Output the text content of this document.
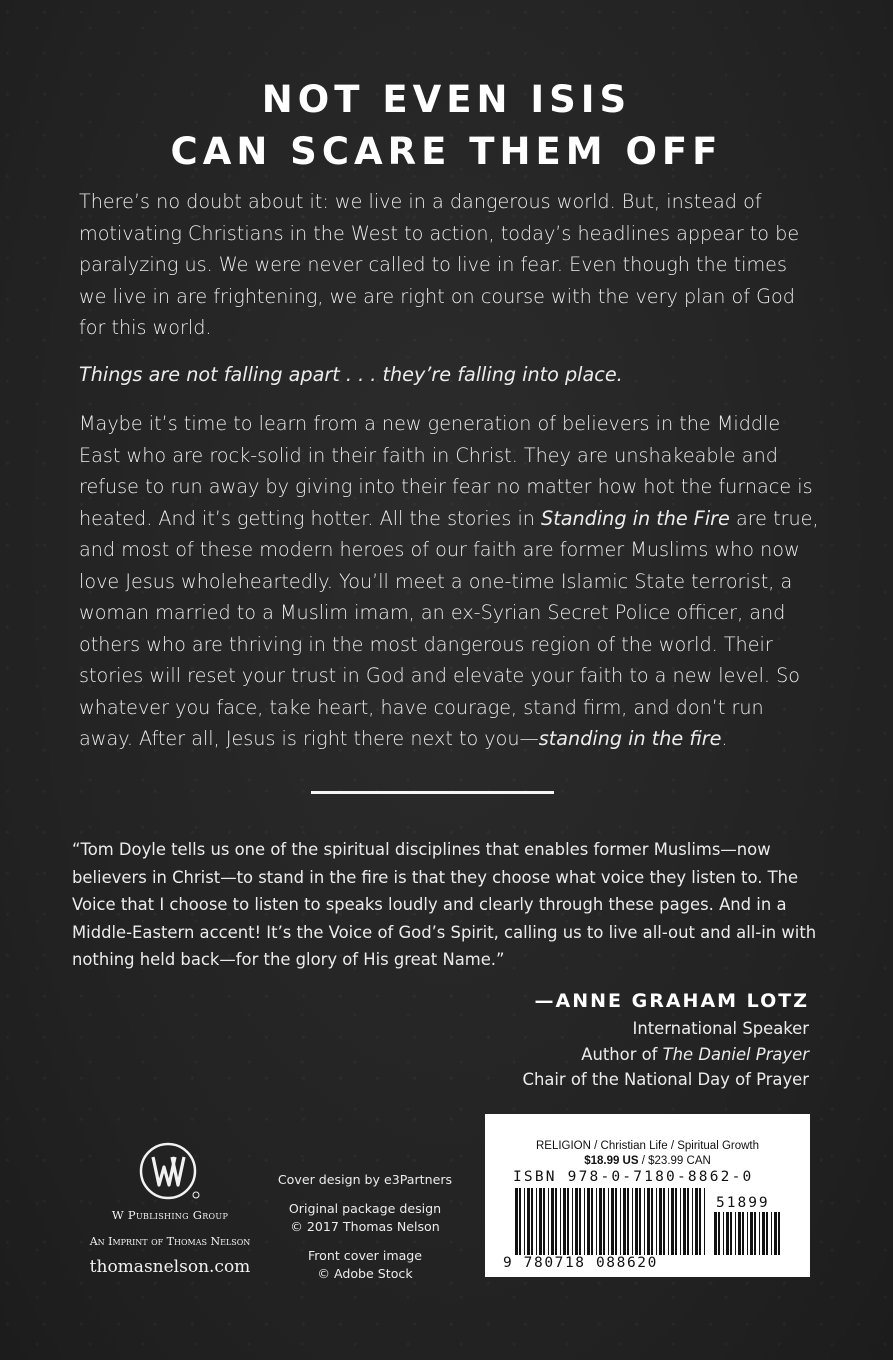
NOT EVEN ISIS
CAN SCARE THEM OFF

There’s no doubt about it: we live in a dangerous world. But, instead of motivating Christians in the West to action, today’s headlines appear to be paralyzing us. We were never called to live in fear. Even though the times we live in are frightening, we are right on course with the very plan of God for this world.

Things are not falling apart . . . they’re falling into place.

Maybe it’s time to learn from a new generation of believers in the Middle East who are rock-solid in their faith in Christ. They are unshakeable and refuse to run away by giving into their fear no matter how hot the furnace is heated. And it’s getting hotter. All the stories in Standing in the Fire are true, and most of these modern heroes of our faith are former Muslims who now love Jesus wholeheartedly. You’ll meet a one-time Islamic State terrorist, a woman married to a Muslim imam, an ex-Syrian Secret Police officer, and others who are thriving in the most dangerous region of the world. Their stories will reset your trust in God and elevate your faith to a new level. So whatever you face, take heart, have courage, stand firm, and don’t run away. After all, Jesus is right there next to you—standing in the fire.

“Tom Doyle tells us one of the spiritual disciplines that enables former Muslims—now believers in Christ—to stand in the fire is that they choose what voice they listen to. The Voice that I choose to listen to speaks loudly and clearly through these pages. And in a Middle-Eastern accent! It’s the Voice of God’s Spirit, calling us to live all-out and all-in with nothing held back—for the glory of His great Name.”

—ANNE GRAHAM LOTZ
International Speaker
Author of The Daniel Prayer
Chair of the National Day of Prayer
W Publishing Group
An Imprint of Thomas Nelson
thomasnelson.com
Cover design by e3Partners
Original package design
© 2017 Thomas Nelson
Front cover image
© Adobe Stock
RELIGION / Christian Life / Spiritual Growth
$18.99 US / $23.99 CAN
ISBN 978-0-7180-8862-0
51899
9 780718 088620
